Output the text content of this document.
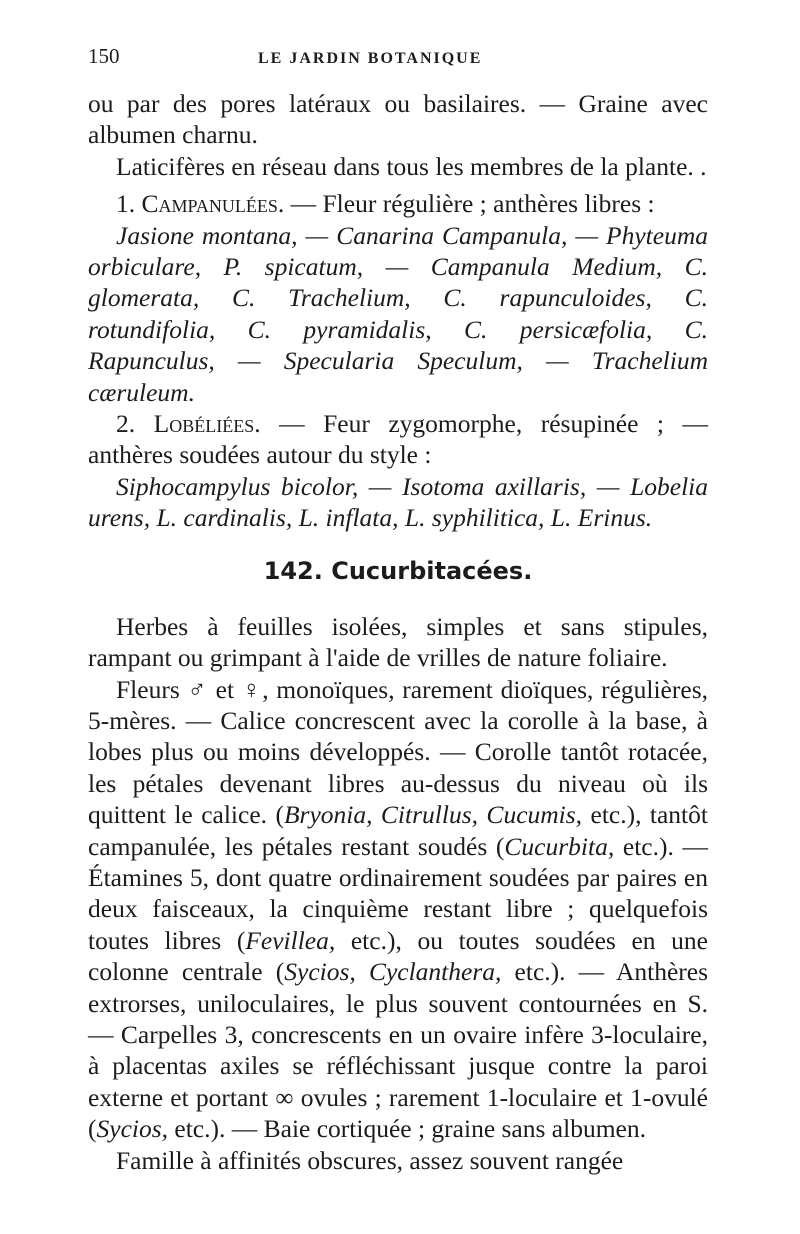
150	LE JARDIN BOTANIQUE

ou par des pores latéraux ou basilaires. — Graine avec albumen charnu.

Laticifères en réseau dans tous les membres de la plante. .

1. Campanulées. — Fleur régulière ; anthères libres :

Jasione montana, — Canarina Campanula, — Phyteuma orbiculare, P. spicatum, — Campanula Medium, C. glomerata, C. Trachelium, C. rapunculoides, C. rotundifolia, C. pyramidalis, C. persicæfolia, C. Rapunculus, — Specularia Speculum, — Trachelium cæruleum.

2. Lobéliées. — Feur zygomorphe, résupinée ; — anthères soudées autour du style :

Siphocampylus bicolor, — Isotoma axillaris, — Lobelia urens, L. cardinalis, L. inflata, L. syphilitica, L. Erinus.

142. Cucurbitacées.

Herbes à feuilles isolées, simples et sans stipules, rampant ou grimpant à l'aide de vrilles de nature foliaire.

Fleurs ♂ et ♀, monoïques, rarement dioïques, régulières, 5-mères. — Calice concrescent avec la corolle à la base, à lobes plus ou moins développés. — Corolle tantôt rotacée, les pétales devenant libres au-dessus du niveau où ils quittent le calice. (Bryonia, Citrullus, Cucumis, etc.), tantôt campanulée, les pétales restant soudés (Cucurbita, etc.). — Étamines 5, dont quatre ordinairement soudées par paires en deux faisceaux, la cinquième restant libre ; quelquefois toutes libres (Fevillea, etc.), ou toutes soudées en une colonne centrale (Sycios, Cyclanthera, etc.). — Anthères extrorses, uniloculaires, le plus souvent contournées en S. — Carpelles 3, concrescents en un ovaire infère 3-loculaire, à placentas axiles se réfléchissant jusque contre la paroi externe et portant ∞ ovules ; rarement 1-loculaire et 1-ovulé (Sycios, etc.). — Baie cortiquée ; graine sans albumen.

Famille à affinités obscures, assez souvent rangée
